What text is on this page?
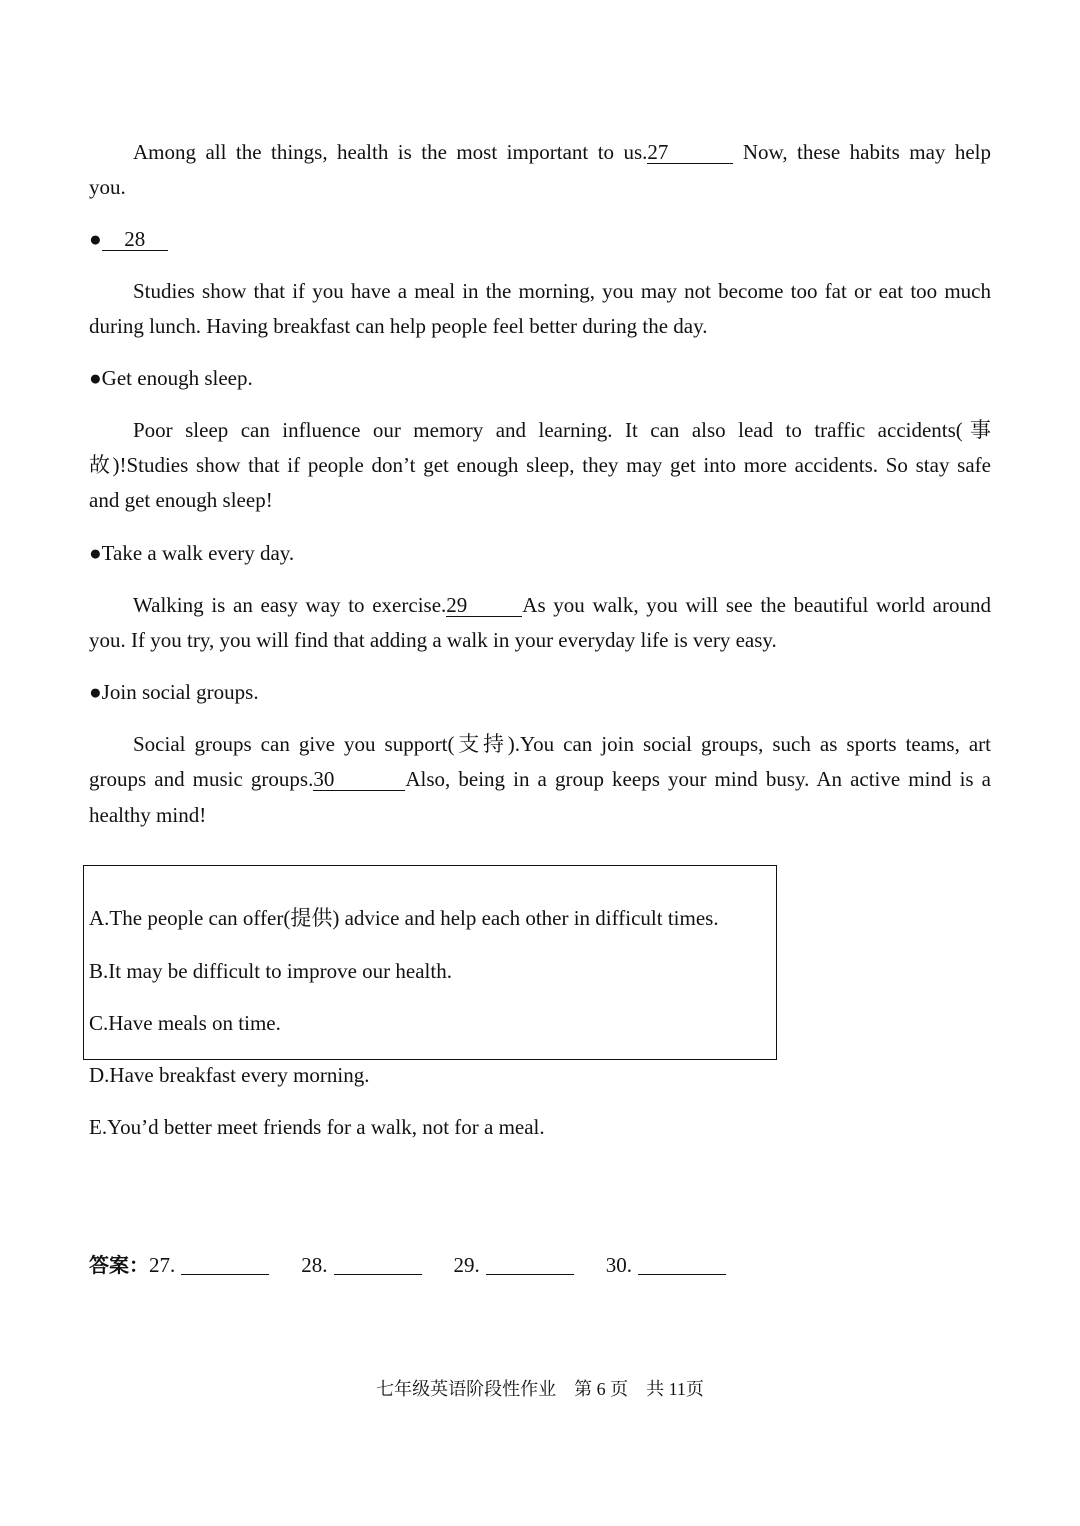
Among all the things, health is the most important to us.27	Now, these habits may help
you.
● 28
Studies show that if you have a meal in the morning, you may not become too fat or eat too much
during lunch. Having breakfast can help people feel better during the day.
●Get enough sleep.
Poor sleep can influence our memory and learning. It can also lead to traffic accidents(事
故)!Studies show that if people don’t get enough sleep, they may get into more accidents. So stay safe
and get enough sleep!
●Take a walk every day.
Walking is an easy way to exercise.29	As you walk, you will see the beautiful world around
you. If you try, you will find that adding a walk in your everyday life is very easy.
●Join social groups.
Social groups can give you support(支持).You can join social groups, such as sports teams, art
groups and music groups.30	Also, being in a group keeps your mind busy. An active mind is a
healthy mind!
A.The people can offer(提供) advice and help each other in difficult times.
B.It may be difficult to improve our health.
C.Have meals on time.
D.Have breakfast every morning.
E.You’d better meet friends for a walk, not for a meal.
答案：27.	28.	29.	30.
七年级英语阶段性作业    第 6 页    共 11页
